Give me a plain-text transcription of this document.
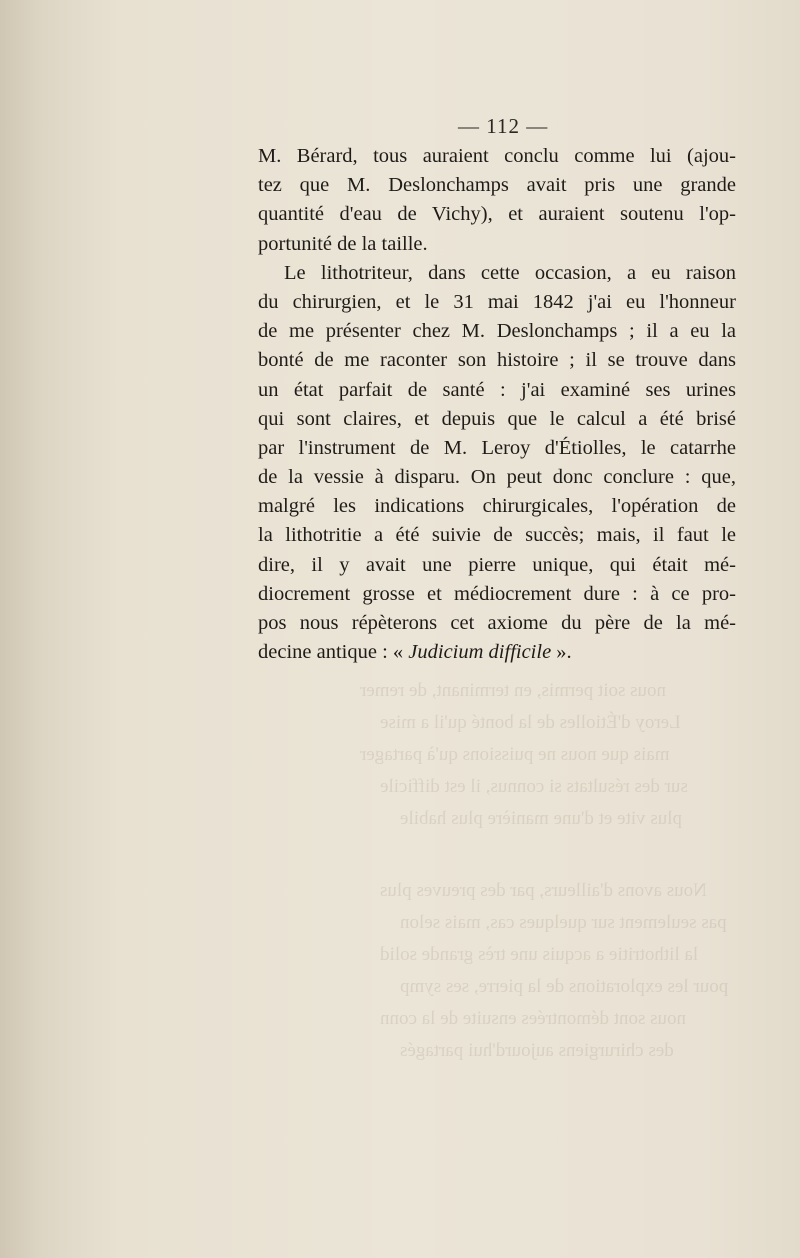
nous soit permis, en terminant, de remer
Leroy d'Étiolles de la bonté qu'il a mise
mais que nous ne puissions qu'à partager
sur des résultats si connus, il est difficile
plus vite et d'une manière plus habile
Nous avons d'ailleurs, par des preuves plus
pas seulement sur quelques cas, mais selon
la lithotritie a acquis une très grande solid
pour les explorations de la pierre, ses symp
nous sont démontrées ensuite de la conn
des chirurgiens aujourd'hui partagés
— 112 —
M. Bérard, tous auraient conclu comme lui (ajou-
tez que M. Deslonchamps avait pris une grande
quantité d'eau de Vichy), et auraient soutenu l'op-
portunité de la taille.
Le lithotriteur, dans cette occasion, a eu raison
du chirurgien, et le 31 mai 1842 j'ai eu l'honneur
de me présenter chez M. Deslonchamps ; il a eu la
bonté de me raconter son histoire ; il se trouve dans
un état parfait de santé : j'ai examiné ses urines
qui sont claires, et depuis que le calcul a été brisé
par l'instrument de M. Leroy d'Étiolles, le catarrhe
de la vessie à disparu. On peut donc conclure : que,
malgré les indications chirurgicales, l'opération de
la lithotritie a été suivie de succès; mais, il faut le
dire, il y avait une pierre unique, qui était mé-
diocrement grosse et médiocrement dure : à ce pro-
pos nous répèterons cet axiome du père de la mé-
decine antique : « Judicium difficile ».
